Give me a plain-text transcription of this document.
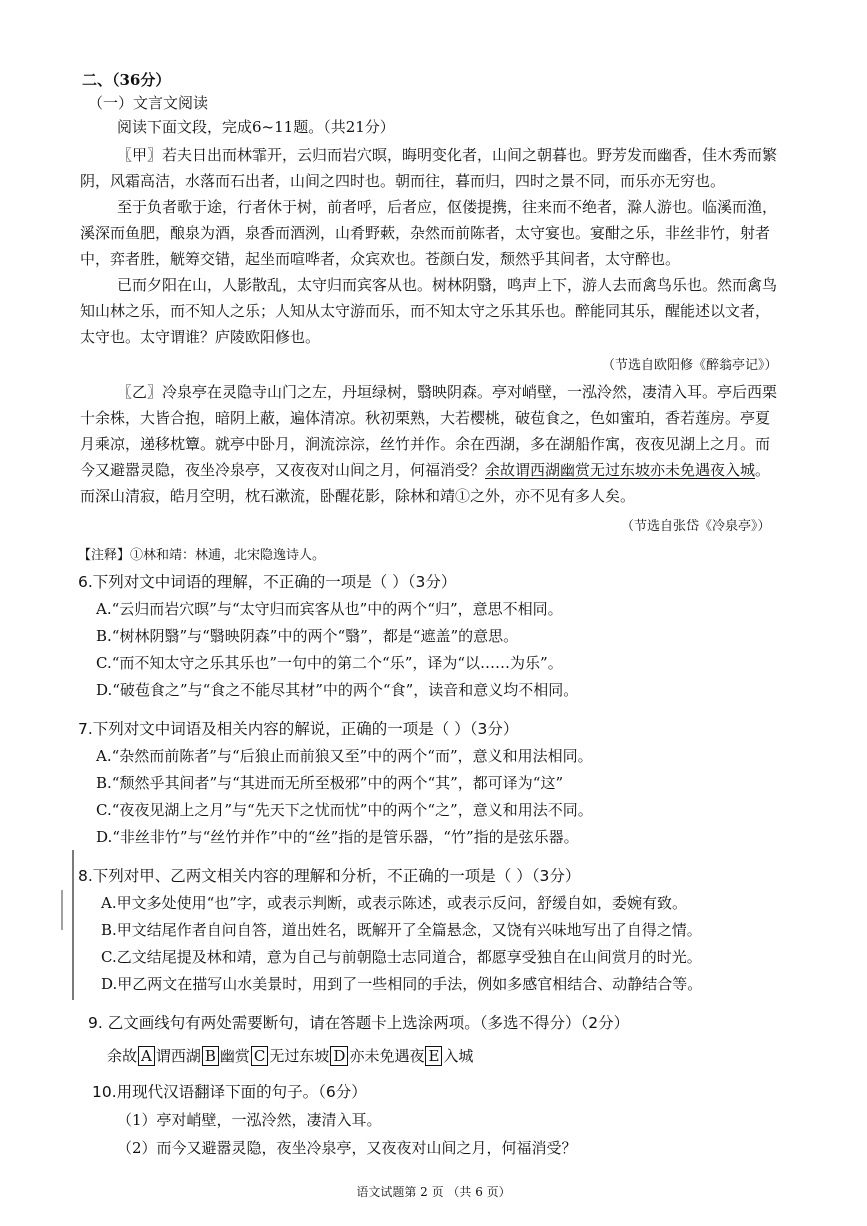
二、（36分）
（一）文言文阅读
阅读下面文段，完成6~11题。（共21分）
〖甲〗若夫日出而林霏开，云归而岩穴暝，晦明变化者，山间之朝暮也。野芳发而幽香，佳木秀而繁
阴，风霜高洁，水落而石出者，山间之四时也。朝而往，暮而归，四时之景不同，而乐亦无穷也。
至于负者歌于途，行者休于树，前者呼，后者应，伛偻提携，往来而不绝者，滁人游也。临溪而渔，
溪深而鱼肥，酿泉为酒，泉香而酒洌，山肴野蔌，杂然而前陈者，太守宴也。宴酣之乐，非丝非竹，射者
中，弈者胜，觥筹交错，起坐而喧哗者，众宾欢也。苍颜白发，颓然乎其间者，太守醉也。
已而夕阳在山，人影散乱，太守归而宾客从也。树林阴翳，鸣声上下，游人去而禽鸟乐也。然而禽鸟
知山林之乐，而不知人之乐；人知从太守游而乐，而不知太守之乐其乐也。醉能同其乐，醒能述以文者，
太守也。太守谓谁？庐陵欧阳修也。
（节选自欧阳修《醉翁亭记》）
〖乙〗冷泉亭在灵隐寺山门之左，丹垣绿树，翳映阴森。亭对峭壁，一泓泠然，凄清入耳。亭后西栗
十余株，大皆合抱，暗阴上蔽，遍体清凉。秋初栗熟，大若樱桃，破苞食之，色如蜜珀，香若莲房。亭夏
月乘凉，递移枕簟。就亭中卧月，涧流淙淙，丝竹并作。余在西湖，多在湖船作寓，夜夜见湖上之月。而
今又避嚣灵隐，夜坐冷泉亭，又夜夜对山间之月，何福消受？余故谓西湖幽赏无过东坡亦未免遇夜入城。
而深山清寂，皓月空明，枕石漱流，卧醒花影，除林和靖①之外，亦不见有多人矣。
（节选自张岱《冷泉亭》）
【注释】①林和靖：林逋，北宋隐逸诗人。
6.下列对文中词语的理解，不正确的一项是（ ）（3分）
A.“云归而岩穴暝”与“太守归而宾客从也”中的两个“归”，意思不相同。
B.“树林阴翳”与“翳映阴森”中的两个“翳”，都是“遮盖”的意思。
C.“而不知太守之乐其乐也”一句中的第二个“乐”，译为“以……为乐”。
D.“破苞食之”与“食之不能尽其材”中的两个“食”，读音和意义均不相同。
7.下列对文中词语及相关内容的解说，正确的一项是（ ）（3分）
A.“杂然而前陈者”与“后狼止而前狼又至”中的两个“而”，意义和用法相同。
B.“颓然乎其间者”与“其进而无所至极邪”中的两个“其”，都可译为“这”
C.“夜夜见湖上之月”与“先天下之忧而忧”中的两个“之”，意义和用法不同。
D.“非丝非竹”与“丝竹并作”中的“丝”指的是管乐器，“竹”指的是弦乐器。
8.下列对甲、乙两文相关内容的理解和分析，不正确的一项是（ ）（3分）
A.甲文多处使用“也”字，或表示判断，或表示陈述，或表示反问，舒缓自如，委婉有致。
B.甲文结尾作者自问自答，道出姓名，既解开了全篇悬念，又饶有兴味地写出了自得之情。
C.乙文结尾提及林和靖，意为自己与前朝隐士志同道合，都愿享受独自在山间赏月的时光。
D.甲乙两文在描写山水美景时，用到了一些相同的手法，例如多感官相结合、动静结合等。
9. 乙文画线句有两处需要断句，请在答题卡上选涂两项。（多选不得分）（2分）
余故 A 谓西湖 B 幽赏 C 无过东坡 D 亦未免遇夜 E 入城
10.用现代汉语翻译下面的句子。（6分）
（1）亭对峭壁，一泓泠然，凄清入耳。
（2）而今又避嚣灵隐，夜坐冷泉亭，又夜夜对山间之月，何福消受？
语文试题第 2 页 （共 6 页）
